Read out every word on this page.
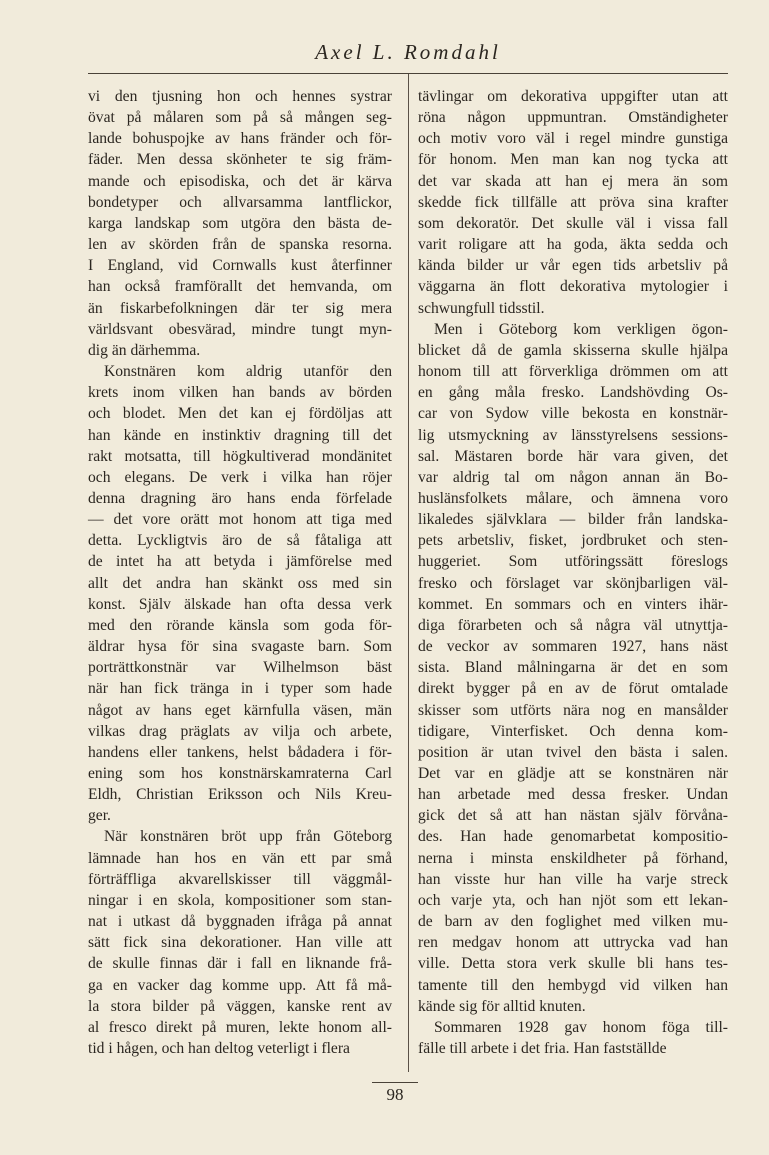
Axel L. Romdahl
vi den tjusning hon och hennes systrar
övat på målaren som på så mången seg-
lande bohuspojke av hans fränder och för-
fäder. Men dessa skönheter te sig främ-
mande och episodiska, och det är kärva
bondetyper och allvarsamma lantflickor,
karga landskap som utgöra den bästa de-
len av skörden från de spanska resorna.
I England, vid Cornwalls kust återfinner
han också framförallt det hemvanda, om
än fiskarbefolkningen där ter sig mera
världsvant obesvärad, mindre tungt myn-
dig än därhemma.
Konstnären kom aldrig utanför den
krets inom vilken han bands av börden
och blodet. Men det kan ej fördöljas att
han kände en instinktiv dragning till det
rakt motsatta, till högkultiverad mondänitet
och elegans. De verk i vilka han röjer
denna dragning äro hans enda förfelade
— det vore orätt mot honom att tiga med
detta. Lyckligtvis äro de så fåtaliga att
de intet ha att betyda i jämförelse med
allt det andra han skänkt oss med sin
konst. Själv älskade han ofta dessa verk
med den rörande känsla som goda för-
äldrar hysa för sina svagaste barn. Som
porträttkonstnär var Wilhelmson bäst
när han fick tränga in i typer som hade
något av hans eget kärnfulla väsen, män
vilkas drag präglats av vilja och arbete,
handens eller tankens, helst bådadera i för-
ening som hos konstnärskamraterna Carl
Eldh, Christian Eriksson och Nils Kreu-
ger.
När konstnären bröt upp från Göteborg
lämnade han hos en vän ett par små
förträffliga akvarellskisser till väggmål-
ningar i en skola, kompositioner som stan-
nat i utkast då byggnaden ifråga på annat
sätt fick sina dekorationer. Han ville att
de skulle finnas där i fall en liknande frå-
ga en vacker dag komme upp. Att få må-
la stora bilder på väggen, kanske rent av
al fresco direkt på muren, lekte honom all-
tid i hågen, och han deltog veterligt i flera
tävlingar om dekorativa uppgifter utan att
röna någon uppmuntran. Omständigheter
och motiv voro väl i regel mindre gunstiga
för honom. Men man kan nog tycka att
det var skada att han ej mera än som
skedde fick tillfälle att pröva sina krafter
som dekoratör. Det skulle väl i vissa fall
varit roligare att ha goda, äkta sedda och
kända bilder ur vår egen tids arbetsliv på
väggarna än flott dekorativa mytologier i
schwungfull tidsstil.
Men i Göteborg kom verkligen ögon-
blicket då de gamla skisserna skulle hjälpa
honom till att förverkliga drömmen om att
en gång måla fresko. Landshövding Os-
car von Sydow ville bekosta en konstnär-
lig utsmyckning av länsstyrelsens sessions-
sal. Mästaren borde här vara given, det
var aldrig tal om någon annan än Bo-
huslänsfolkets målare, och ämnena voro
likaledes självklara — bilder från landska-
pets arbetsliv, fisket, jordbruket och sten-
huggeriet. Som utföringssätt föreslogs
fresko och förslaget var skönjbarligen väl-
kommet. En sommars och en vinters ihär-
diga förarbeten och så några väl utnyttja-
de veckor av sommaren 1927, hans näst
sista. Bland målningarna är det en som
direkt bygger på en av de förut omtalade
skisser som utförts nära nog en mansålder
tidigare, Vinterfisket. Och denna kom-
position är utan tvivel den bästa i salen.
Det var en glädje att se konstnären när
han arbetade med dessa fresker. Undan
gick det så att han nästan själv förvåna-
des. Han hade genomarbetat kompositio-
nerna i minsta enskildheter på förhand,
han visste hur han ville ha varje streck
och varje yta, och han njöt som ett lekan-
de barn av den foglighet med vilken mu-
ren medgav honom att uttrycka vad han
ville. Detta stora verk skulle bli hans tes-
tamente till den hembygd vid vilken han
kände sig för alltid knuten.
Sommaren 1928 gav honom föga till-
fälle till arbete i det fria. Han fastställde
98
